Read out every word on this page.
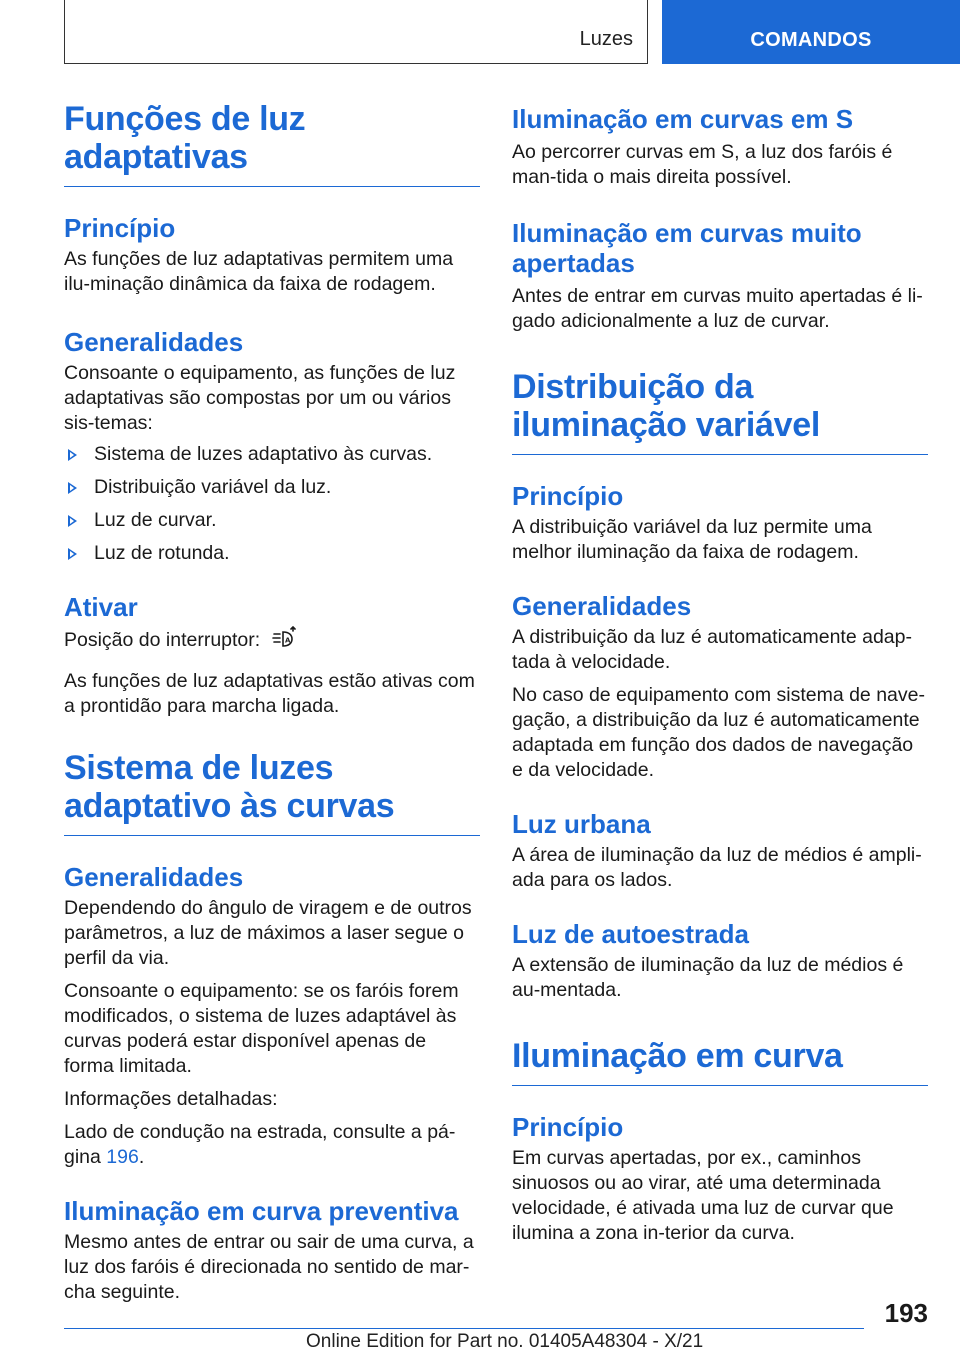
Luzes	COMANDOS
Funções de luz adaptativas
Princípio

As funções de luz adaptativas permitem uma ilu-minação dinâmica da faixa de rodagem.

Generalidades

Consoante o equipamento, as funções de luz adaptativas são compostas por um ou vários sis-temas:

Sistema de luzes adaptativo às curvas.
Distribuição variável da luz.
Luz de curvar.
Luz de rotunda.
Ativar

Posição do interruptor:	A

As funções de luz adaptativas estão ativas com a prontidão para marcha ligada.

Sistema de luzes adaptativo às curvas
Generalidades

Dependendo do ângulo de viragem e de outros parâmetros, a luz de máximos a laser segue o perfil da via.

Consoante o equipamento: se os faróis forem modificados, o sistema de luzes adaptável às curvas poderá estar disponível apenas de forma limitada.

Informações detalhadas:

Lado de condução na estrada, consulte a pá-gina 196.

Iluminação em curva preventiva

Mesmo antes de entrar ou sair de uma curva, a luz dos faróis é direcionada no sentido de mar-cha seguinte.

Iluminação em curvas em S

Ao percorrer curvas em S, a luz dos faróis é man-tida o mais direita possível.

Iluminação em curvas muito apertadas

Antes de entrar em curvas muito apertadas é li-gado adicionalmente a luz de curvar.

Distribuição da iluminação variável
Princípio

A distribuição variável da luz permite uma melhor iluminação da faixa de rodagem.

Generalidades

A distribuição da luz é automaticamente adap-tada à velocidade.

No caso de equipamento com sistema de nave-gação, a distribuição da luz é automaticamente adaptada em função dos dados de navegação e da velocidade.

Luz urbana

A área de iluminação da luz de médios é ampli-ada para os lados.

Luz de autoestrada

A extensão de iluminação da luz de médios é au-mentada.

Iluminação em curva
Princípio

Em curvas apertadas, por ex., caminhos sinuosos ou ao virar, até uma determinada velocidade, é ativada uma luz de curvar que ilumina a zona in-terior da curva.

193
Online Edition for Part no. 01405A48304 - X/21
